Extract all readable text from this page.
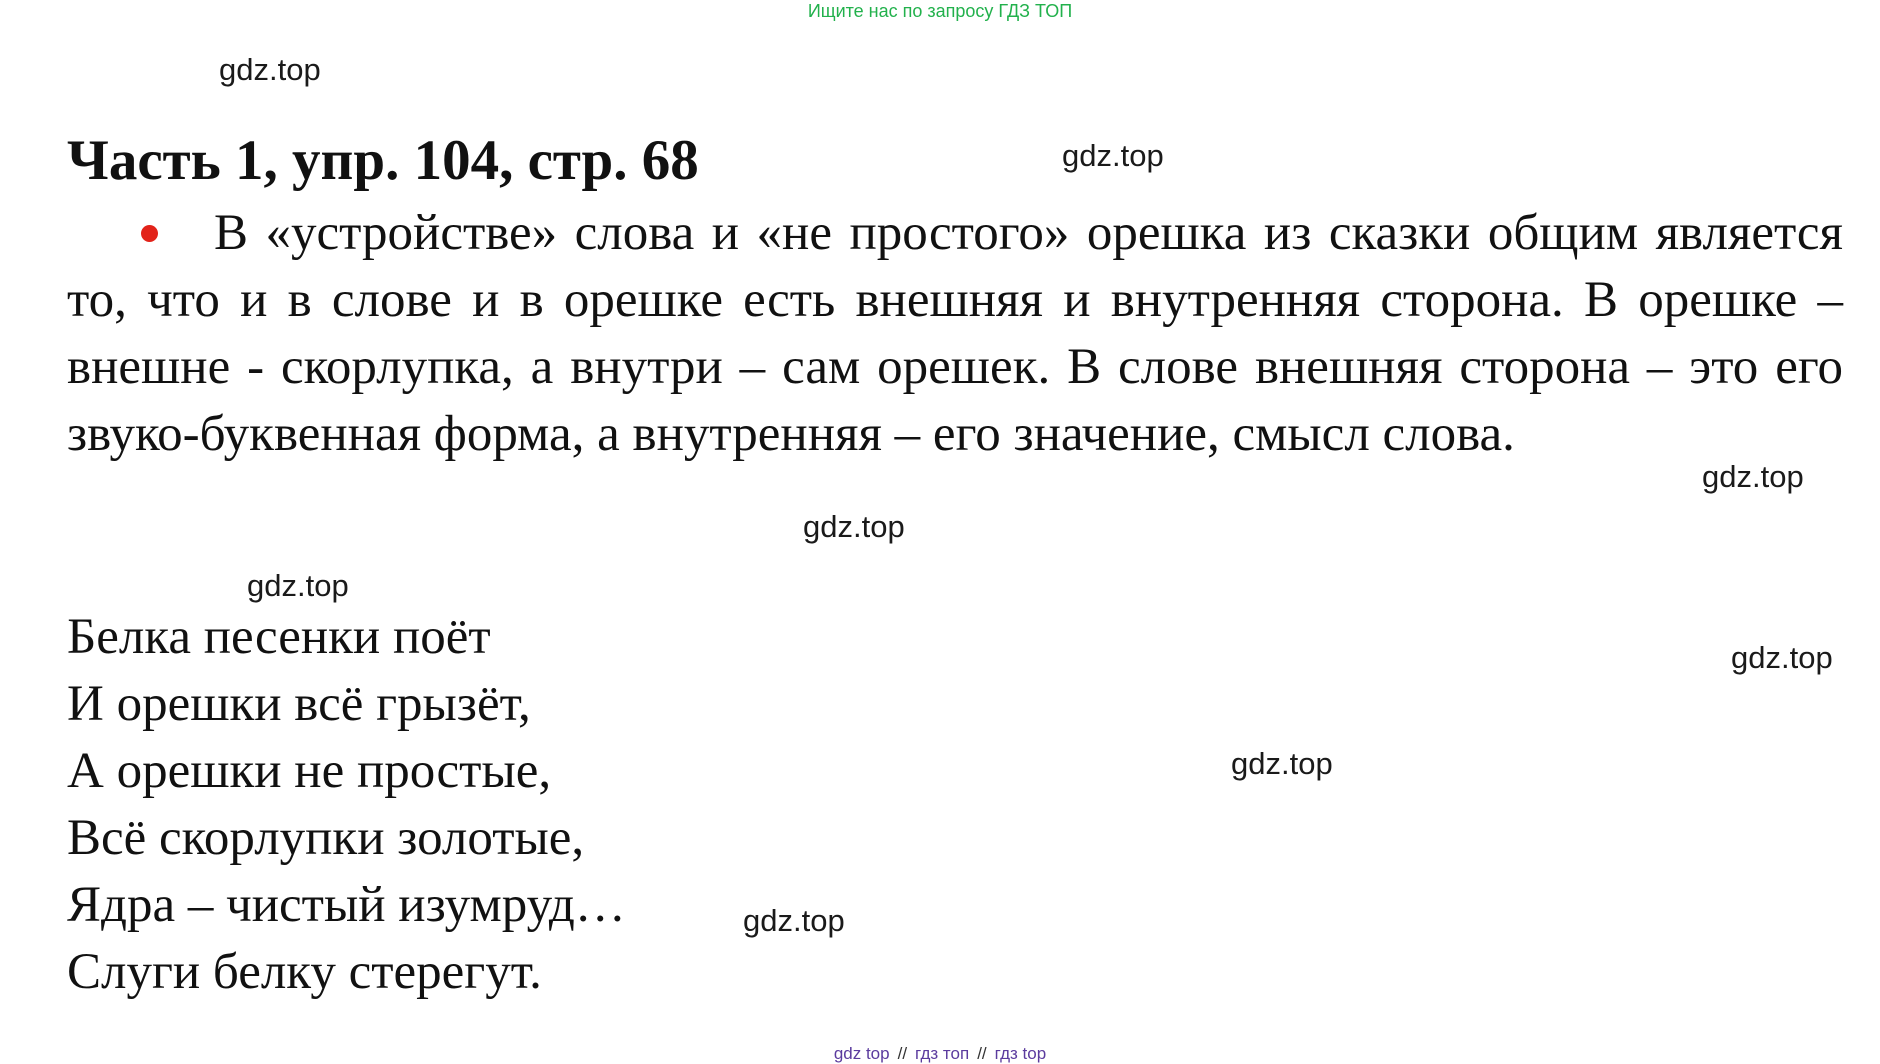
Ищите нас по запросу ГДЗ ТОП
gdz.top
gdz.top
gdz.top
gdz.top
gdz.top
gdz.top
gdz.top
gdz.top
Часть 1, упр. 104, стр. 68
В «устройстве» слова и «не простого» орешка из сказки общим является то, что и в слове и в орешке есть внешняя и внутренняя сторона. В орешке – внешне - скорлупка, а внутри – сам орешек. В слове внешняя сторона – это его звуко-буквенная форма, а внутренняя – его значение, смысл слова.
Белка песенки поёт
И орешки всё грызёт,
А орешки не простые,
Всё скорлупки золотые,
Ядра – чистый изумруд…
Слуги белку стерегут.
gdz top // гдз топ // гдз top
